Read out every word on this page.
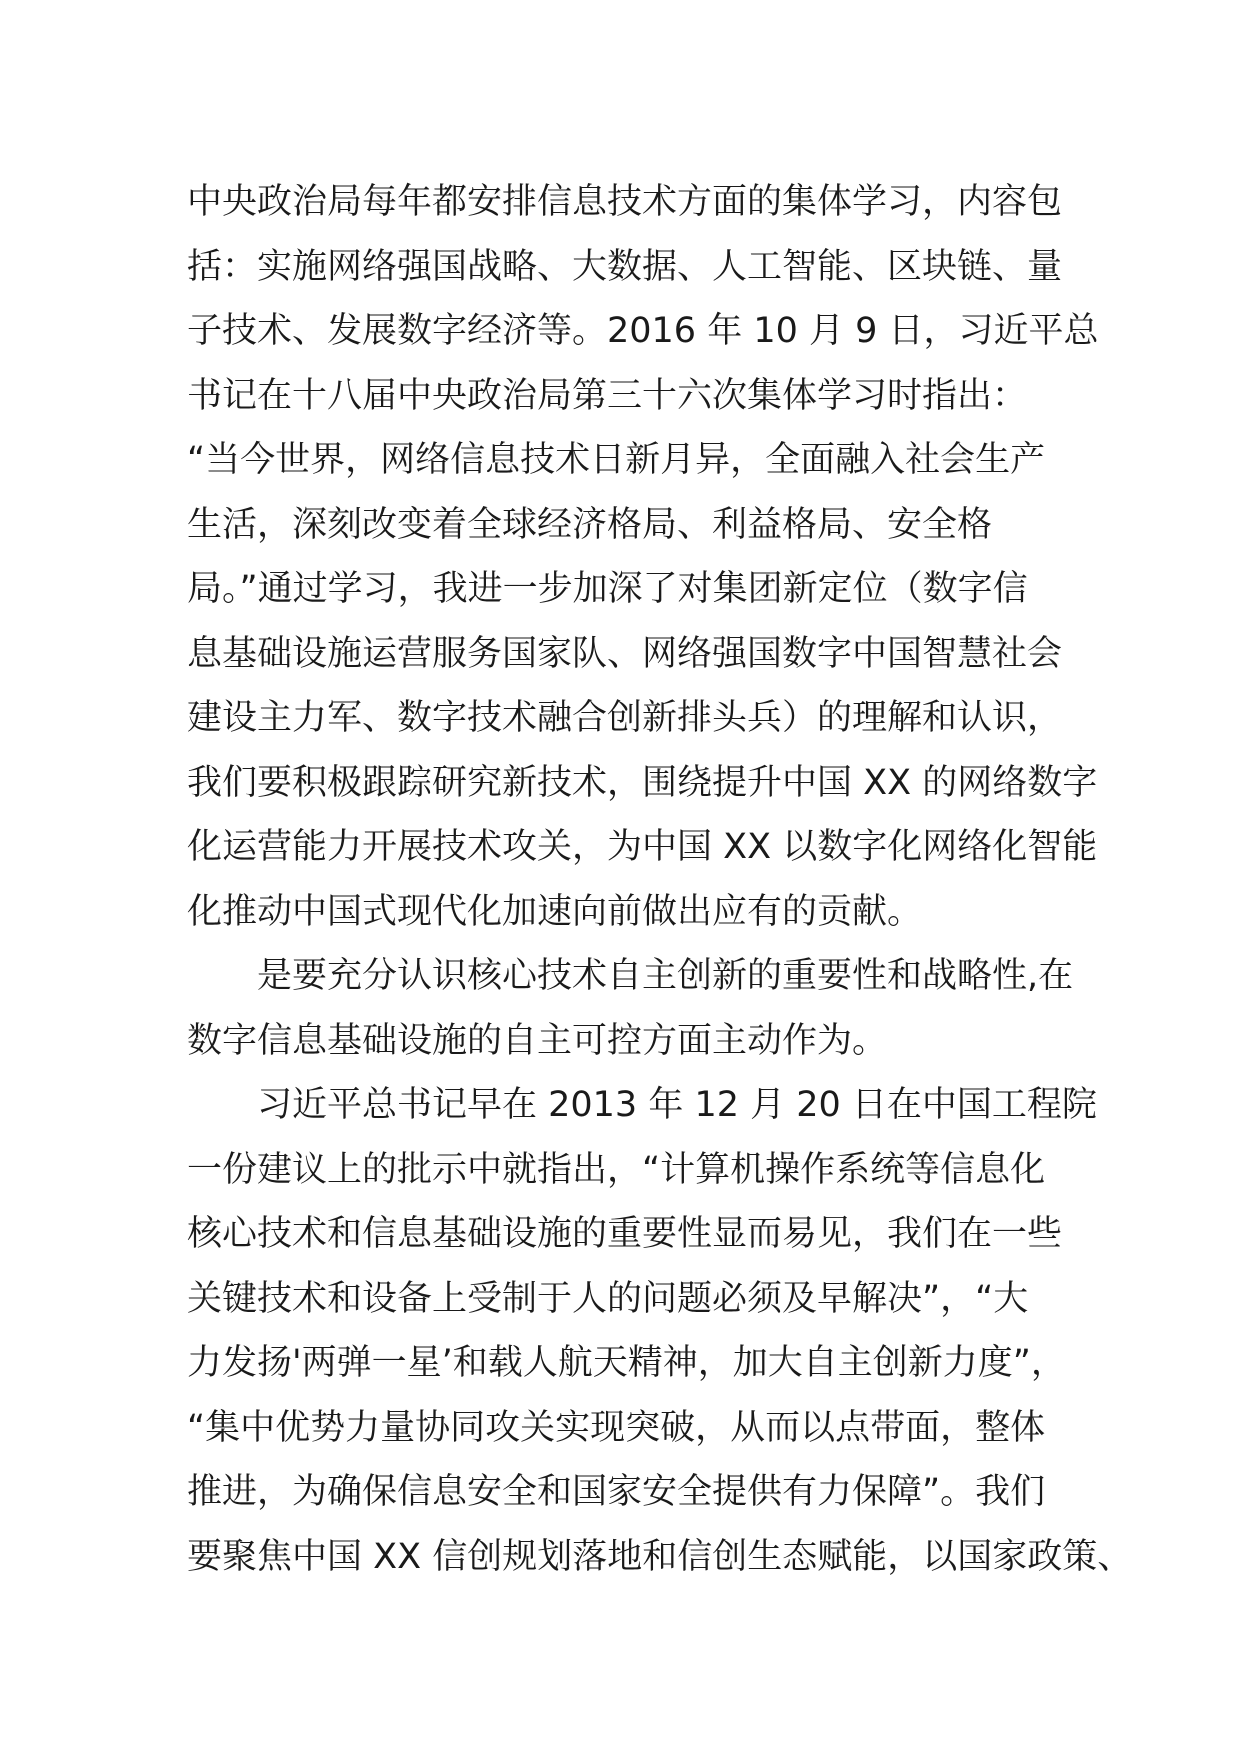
中央政治局每年都安排信息技术方面的集体学习，内容包
括：实施网络强国战略、大数据、人工智能、区块链、量
子技术、发展数字经济等。2016 年 10 月 9 日，习近平总
书记在十八届中央政治局第三十六次集体学习时指出：
“当今世界，网络信息技术日新月异，全面融入社会生产
生活，深刻改变着全球经济格局、利益格局、安全格
局。”通过学习，我进一步加深了对集团新定位（数字信
息基础设施运营服务国家队、网络强国数字中国智慧社会
建设主力军、数字技术融合创新排头兵）的理解和认识，
我们要积极跟踪研究新技术，围绕提升中国 XX 的网络数字
化运营能力开展技术攻关，为中国 XX 以数字化网络化智能
化推动中国式现代化加速向前做出应有的贡献。
　　是要充分认识核心技术自主创新的重要性和战略性,在
数字信息基础设施的自主可控方面主动作为。
　　习近平总书记早在 2013 年 12 月 20 日在中国工程院
一份建议上的批示中就指出，“计算机操作系统等信息化
核心技术和信息基础设施的重要性显而易见，我们在一些
关键技术和设备上受制于人的问题必须及早解决”，“大
力发扬'两弹一星’和载人航天精神，加大自主创新力度”，
“集中优势力量协同攻关实现突破，从而以点带面，整体
推进，为确保信息安全和国家安全提供有力保障”。我们
要聚焦中国 XX 信创规划落地和信创生态赋能，以国家政策、
